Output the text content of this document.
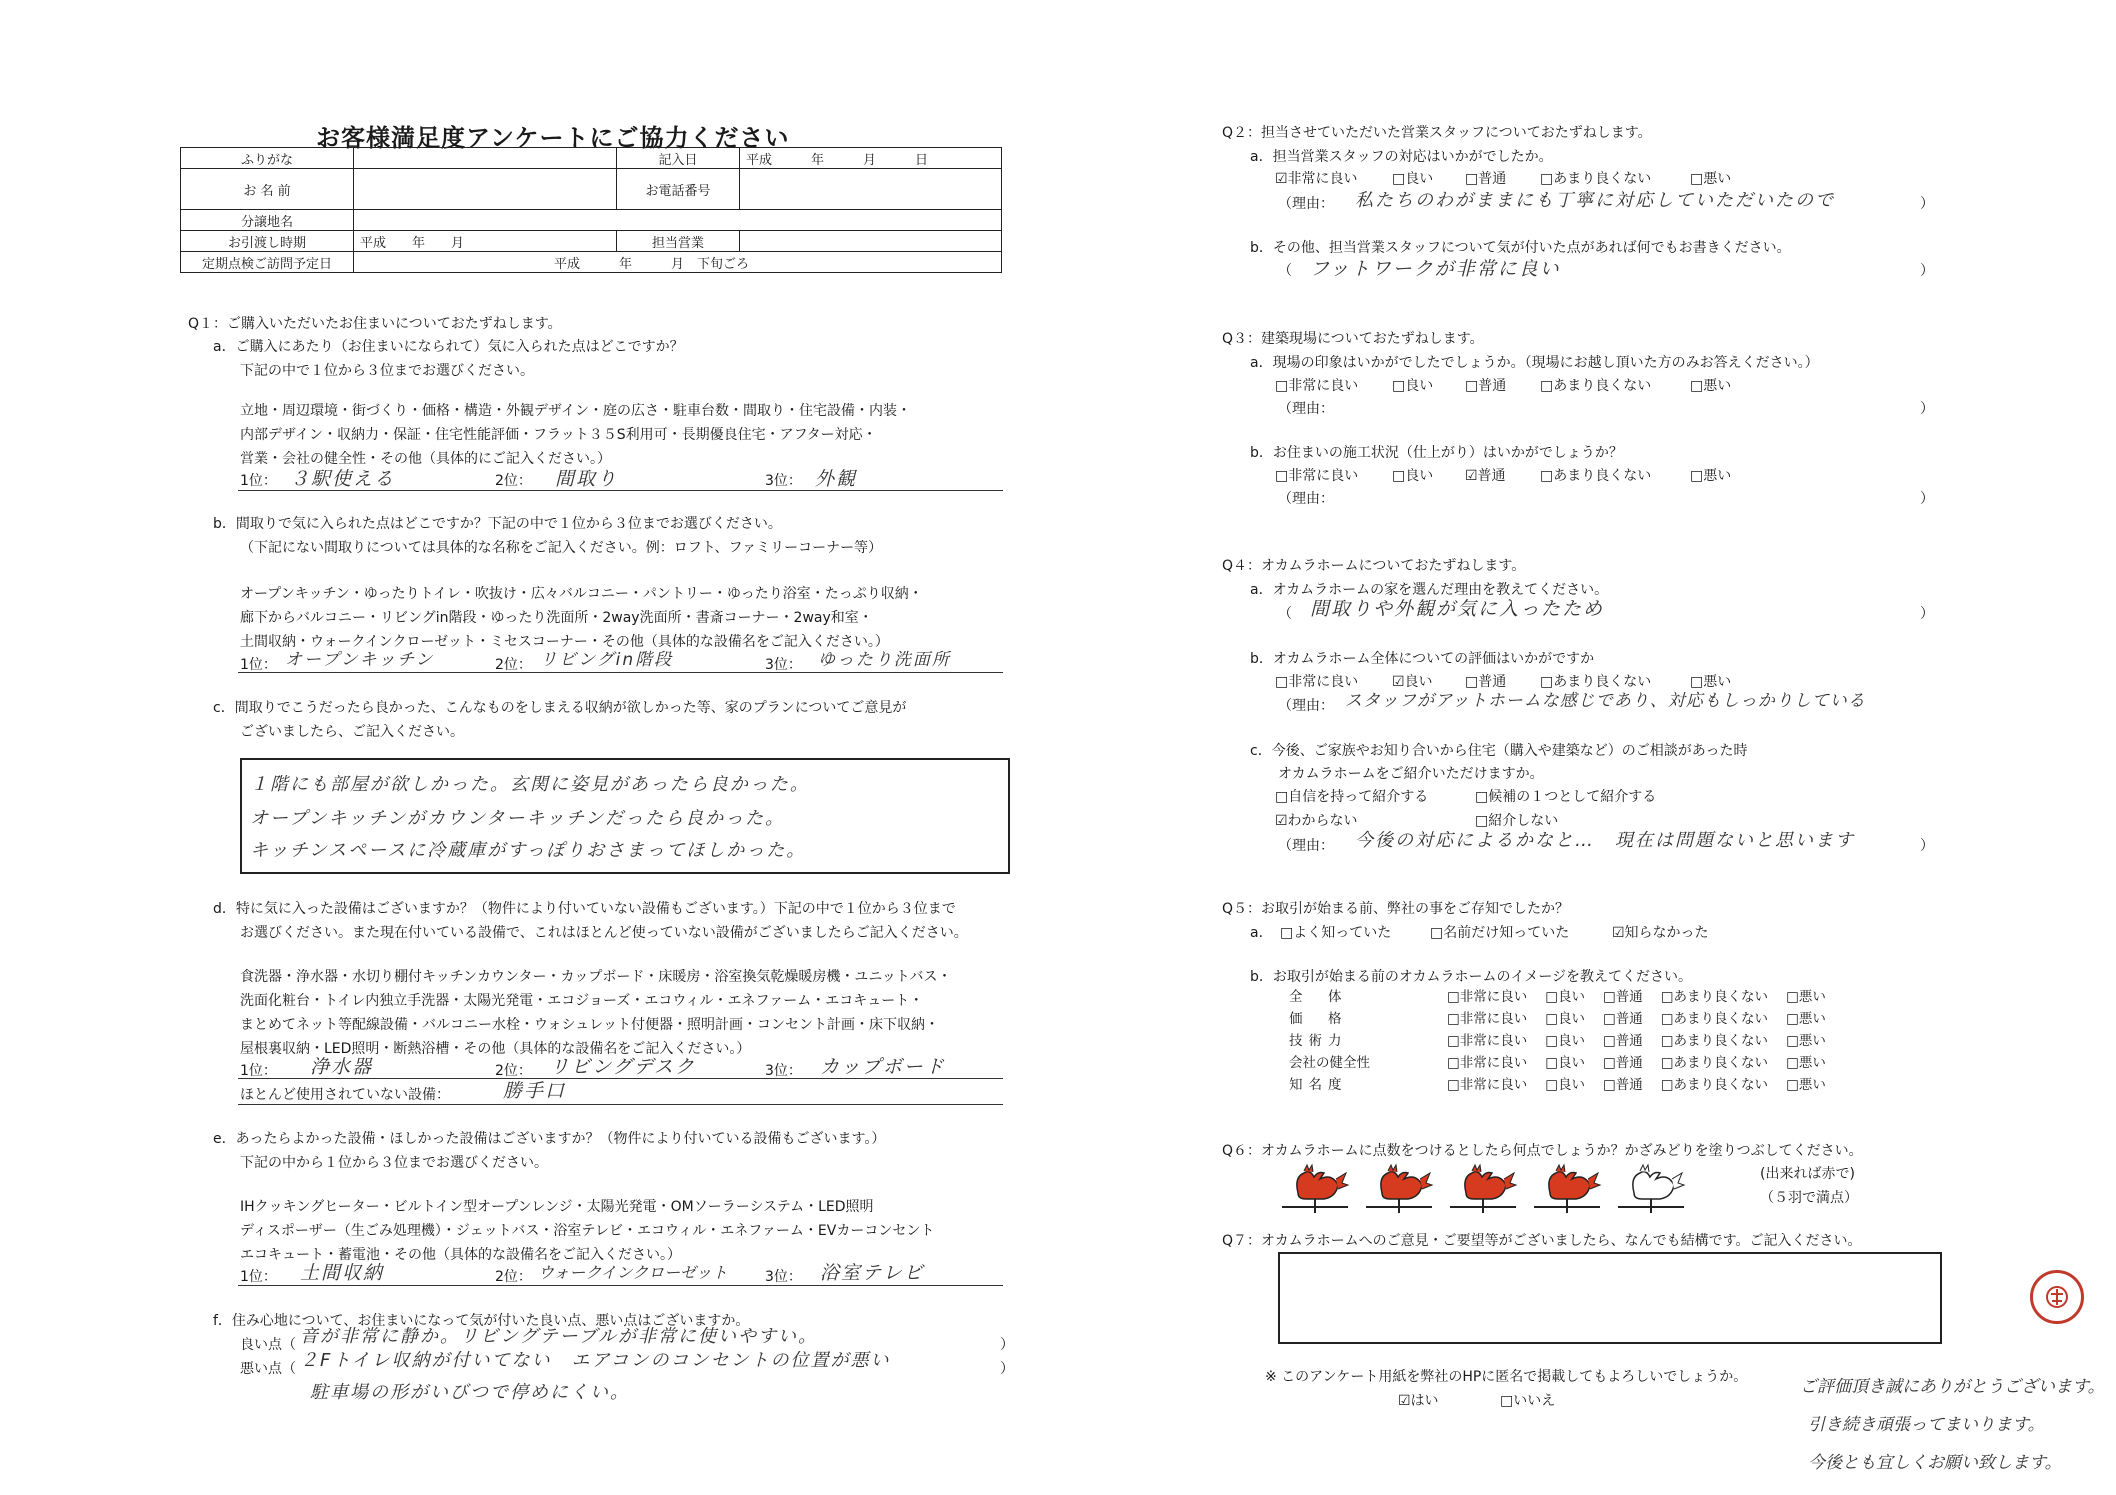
お客様満足度アンケートにご協力ください
ふりがな		記入日	平成　　　年　　　月　　　日
お 名 前		お電話番号	
分譲地名			
お引渡し時期	平成　　年　　月	担当営業	
定期点検ご訪問予定日	平成　　　年　　　月　下旬ごろ		
Q１：ご購入いただいたお住まいについておたずねします。
a．ご購入にあたり（お住まいになられて）気に入られた点はどこですか？
下記の中で１位から３位までお選びください。
立地・周辺環境・街づくり・価格・構造・外観デザイン・庭の広さ・駐車台数・間取り・住宅設備・内装・
内部デザイン・収納力・保証・住宅性能評価・フラット３５S利用可・長期優良住宅・アフター対応・
営業・会社の健全性・その他（具体的にご記入ください。）
1位： ３駅使える	2位： 間取り	3位： 外観
b．間取りで気に入られた点はどこですか？下記の中で１位から３位までお選びください。
（下記にない間取りについては具体的な名称をご記入ください。例：ロフト、ファミリーコーナー等）
オープンキッチン・ゆったりトイレ・吹抜け・広々バルコニー・パントリー・ゆったり浴室・たっぷり収納・
廊下からバルコニー・リビングin階段・ゆったり洗面所・2way洗面所・書斎コーナー・2way和室・
土間収納・ウォークインクローゼット・ミセスコーナー・その他（具体的な設備名をご記入ください。）
1位： オープンキッチン	2位： リビングin階段	3位： ゆったり洗面所
c．間取りでこうだったら良かった、こんなものをしまえる収納が欲しかった等、家のプランについてご意見が
ございましたら、ご記入ください。
１階にも部屋が欲しかった。玄関に姿見があったら良かった。
オープンキッチンがカウンターキッチンだったら良かった。
キッチンスペースに冷蔵庫がすっぽりおさまってほしかった。
d．特に気に入った設備はございますか？（物件により付いていない設備もございます。）下記の中で１位から３位まで
お選びください。また現在付いている設備で、これはほとんど使っていない設備がございましたらご記入ください。
食洗器・浄水器・水切り棚付キッチンカウンター・カップボード・床暖房・浴室換気乾燥暖房機・ユニットバス・
洗面化粧台・トイレ内独立手洗器・太陽光発電・エコジョーズ・エコウィル・エネファーム・エコキュート・
まとめてネット等配線設備・バルコニー水栓・ウォシュレット付便器・照明計画・コンセント計画・床下収納・
屋根裏収納・LED照明・断熱浴槽・その他（具体的な設備名をご記入ください。）
1位： 浄水器	2位： リビングデスク	3位： カップボード
ほとんど使用されていない設備：	勝手口
e．あったらよかった設備・ほしかった設備はございますか？（物件により付いている設備もございます。）
下記の中から１位から３位までお選びください。
IHクッキングヒーター・ビルトイン型オープンレンジ・太陽光発電・OMソーラーシステム・LED照明
ディスポーザー（生ごみ処理機）・ジェットバス・浴室テレビ・エコウィル・エネファーム・EVカーコンセント
エコキュート・蓄電池・その他（具体的な設備名をご記入ください。）
1位： 土間収納	2位： ウォークインクローゼット	3位： 浴室テレビ
f．住み心地について、お住まいになって気が付いた良い点、悪い点はございますか。
良い点（ 音が非常に静か。リビングテーブルが非常に使いやすい。	）
悪い点（ ２Fトイレ収納が付いてない　エアコンのコンセントの位置が悪い	）
駐車場の形がいびつで停めにくい。
Q２：担当させていただいた営業スタッフについておたずねします。
a．担当営業スタッフの対応はいかがでしたか。
☑非常に良い □良い □普通 □あまり良くない	□悪い
（理由： 私たちのわがままにも丁寧に対応していただいたので	）
b．その他、担当営業スタッフについて気が付いた点があれば何でもお書きください。
（ フットワークが非常に良い	）
Q３：建築現場についておたずねします。
a．現場の印象はいかがでしたでしょうか。（現場にお越し頂いた方のみお答えください。）
□非常に良い □良い □普通 □あまり良くない	□悪い
（理由：	）
b．お住まいの施工状況（仕上がり）はいかがでしょうか？
□非常に良い □良い ☑普通 □あまり良くない	□悪い
（理由：	）
Q４：オカムラホームについておたずねします。
a．オカムラホームの家を選んだ理由を教えてください。
（ 間取りや外観が気に入ったため	）
b．オカムラホーム全体についての評価はいかがですか
□非常に良い ☑良い □普通 □あまり良くない	□悪い
（理由： スタッフがアットホームな感じであり、対応もしっかりしている
c．今後、ご家族やお知り合いから住宅（購入や建築など）のご相談があった時
オカムラホームをご紹介いただけますか。
□自信を持って紹介する	□候補の１つとして紹介する
☑わからない	□紹介しない
（理由： 今後の対応によるかなと…　現在は問題ないと思います	）
Q５：お取引が始まる前、弊社の事をご存知でしたか？
a． □よく知っていた	□名前だけ知っていた	☑知らなかった
b．お取引が始まる前のオカムラホームのイメージを教えてください。
全　体	□非常に良い	□良い	□普通	□あまり良くない	□悪い
価　格	□非常に良い	□良い	□普通	□あまり良くない	□悪い
技術力	□非常に良い	□良い	□普通	□あまり良くない	□悪い
会社の健全性	□非常に良い	□良い	□普通	□あまり良くない	□悪い
知名度	□非常に良い	□良い	□普通	□あまり良くない	□悪い
Q６：オカムラホームに点数をつけるとしたら何点でしょうか？かざみどりを塗りつぶしてください。
(出来れば赤で)
（５羽で満点）
Q７：オカムラホームへのご意見・ご要望等がございましたら、なんでも結構です。ご記入ください。
※ このアンケート用紙を弊社のHPに匿名で掲載してもよろしいでしょうか。
☑はい	□いいえ
ご評価頂き誠にありがとうございます。
引き続き頑張ってまいります。
今後とも宜しくお願い致します。
